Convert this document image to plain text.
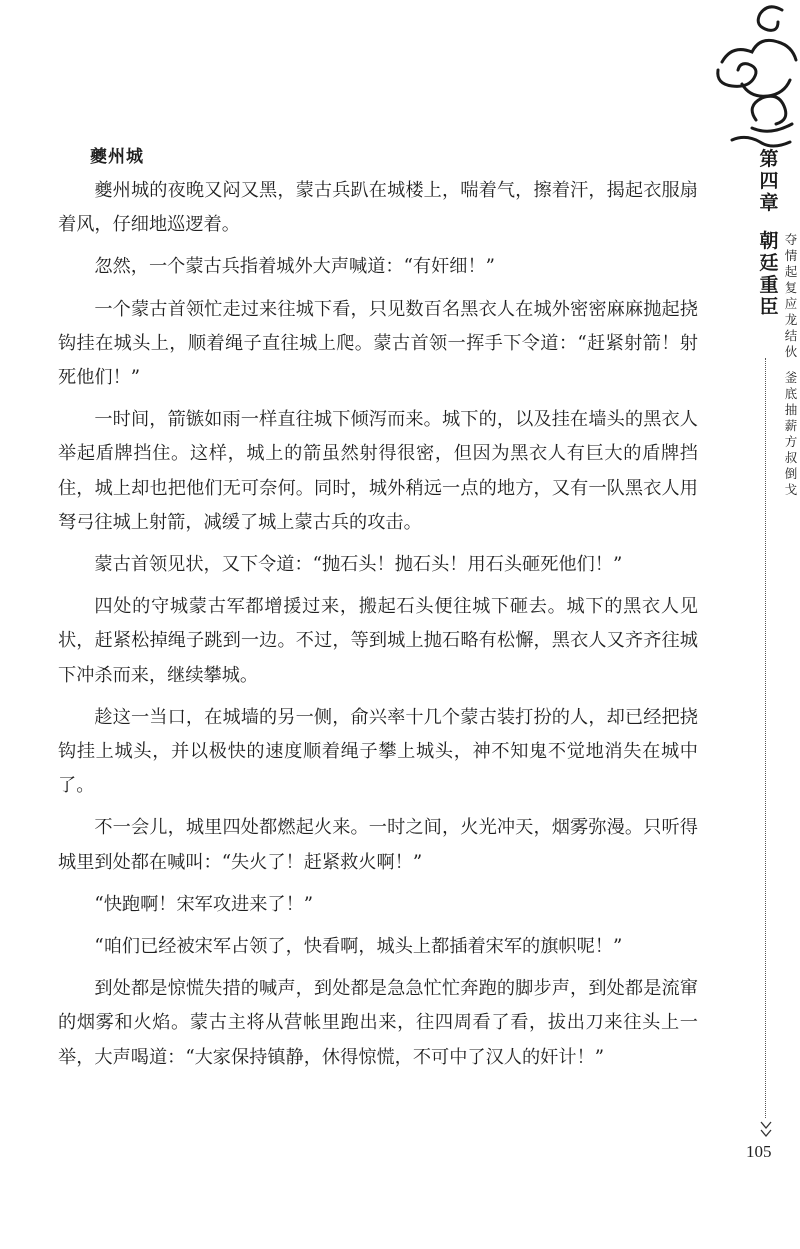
第
四
章
朝
廷
重
臣
夺
情
起
复
应
龙
结
伙
釜
底
抽
薪
方
叔
倒
戈
105
夔州城

夔州城的夜晚又闷又黑，蒙古兵趴在城楼上，喘着气，擦着汗，揭起衣服扇着风，仔细地巡逻着。

忽然，一个蒙古兵指着城外大声喊道：“有奸细！”

一个蒙古首领忙走过来往城下看，只见数百名黑衣人在城外密密麻麻抛起挠钩挂在城头上，顺着绳子直往城上爬。蒙古首领一挥手下令道：“赶紧射箭！射死他们！”

一时间，箭镞如雨一样直往城下倾泻而来。城下的，以及挂在墙头的黑衣人举起盾牌挡住。这样，城上的箭虽然射得很密，但因为黑衣人有巨大的盾牌挡住，城上却也把他们无可奈何。同时，城外稍远一点的地方，又有一队黑衣人用弩弓往城上射箭，减缓了城上蒙古兵的攻击。

蒙古首领见状，又下令道：“抛石头！抛石头！用石头砸死他们！”

四处的守城蒙古军都增援过来，搬起石头便往城下砸去。城下的黑衣人见状，赶紧松掉绳子跳到一边。不过，等到城上抛石略有松懈，黑衣人又齐齐往城下冲杀而来，继续攀城。

趁这一当口，在城墙的另一侧，俞兴率十几个蒙古装打扮的人，却已经把挠钩挂上城头，并以极快的速度顺着绳子攀上城头，神不知鬼不觉地消失在城中了。

不一会儿，城里四处都燃起火来。一时之间，火光冲天，烟雾弥漫。只听得城里到处都在喊叫：“失火了！赶紧救火啊！”

“快跑啊！宋军攻进来了！”

“咱们已经被宋军占领了，快看啊，城头上都插着宋军的旗帜呢！”

到处都是惊慌失措的喊声，到处都是急急忙忙奔跑的脚步声，到处都是流窜的烟雾和火焰。蒙古主将从营帐里跑出来，往四周看了看，拔出刀来往头上一举，大声喝道：“大家保持镇静，休得惊慌，不可中了汉人的奸计！”
